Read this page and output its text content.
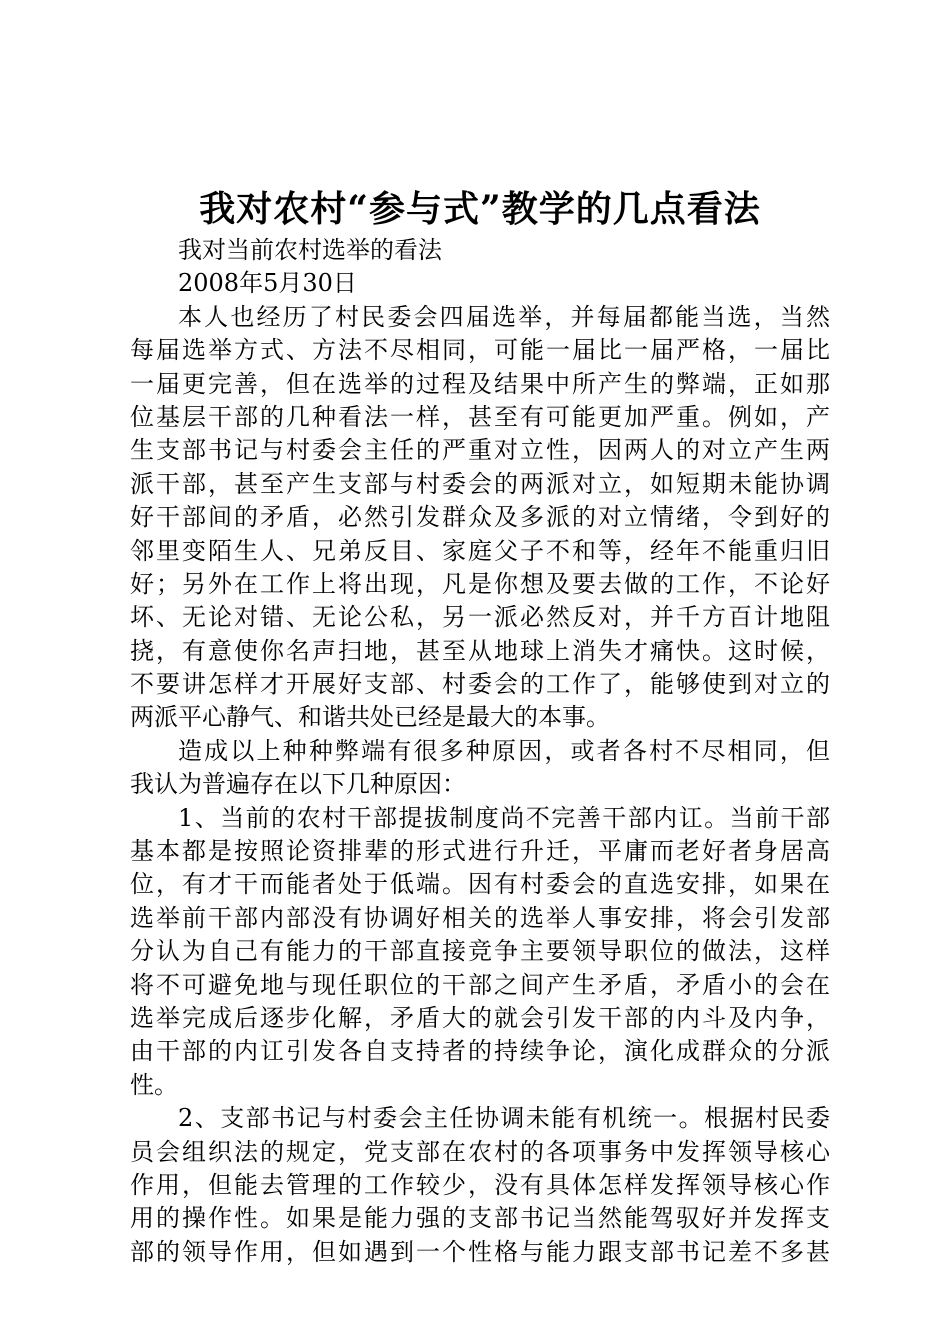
我对农村“参与式”教学的几点看法
我对当前农村选举的看法
2008年5月30日
本人也经历了村民委会四届选举，并每届都能当选，当然
每届选举方式、方法不尽相同，可能一届比一届严格，一届比
一届更完善，但在选举的过程及结果中所产生的弊端，正如那
位基层干部的几种看法一样，甚至有可能更加严重。例如，产
生支部书记与村委会主任的严重对立性，因两人的对立产生两
派干部，甚至产生支部与村委会的两派对立，如短期未能协调
好干部间的矛盾，必然引发群众及多派的对立情绪，令到好的
邻里变陌生人、兄弟反目、家庭父子不和等，经年不能重归旧
好；另外在工作上将出现，凡是你想及要去做的工作，不论好
坏、无论对错、无论公私，另一派必然反对，并千方百计地阻
挠，有意使你名声扫地，甚至从地球上消失才痛快。这时候，
不要讲怎样才开展好支部、村委会的工作了，能够使到对立的
两派平心静气、和谐共处已经是最大的本事。
造成以上种种弊端有很多种原因，或者各村不尽相同，但
我认为普遍存在以下几种原因：
1、当前的农村干部提拔制度尚不完善干部内讧。当前干部
基本都是按照论资排辈的形式进行升迁，平庸而老好者身居高
位，有才干而能者处于低端。因有村委会的直选安排，如果在
选举前干部内部没有协调好相关的选举人事安排，将会引发部
分认为自己有能力的干部直接竞争主要领导职位的做法，这样
将不可避免地与现任职位的干部之间产生矛盾，矛盾小的会在
选举完成后逐步化解，矛盾大的就会引发干部的内斗及内争，
由干部的内讧引发各自支持者的持续争论，演化成群众的分派
性。
2、支部书记与村委会主任协调未能有机统一。根据村民委
员会组织法的规定，党支部在农村的各项事务中发挥领导核心
作用，但能去管理的工作较少，没有具体怎样发挥领导核心作
用的操作性。如果是能力强的支部书记当然能驾驭好并发挥支
部的领导作用，但如遇到一个性格与能力跟支部书记差不多甚
